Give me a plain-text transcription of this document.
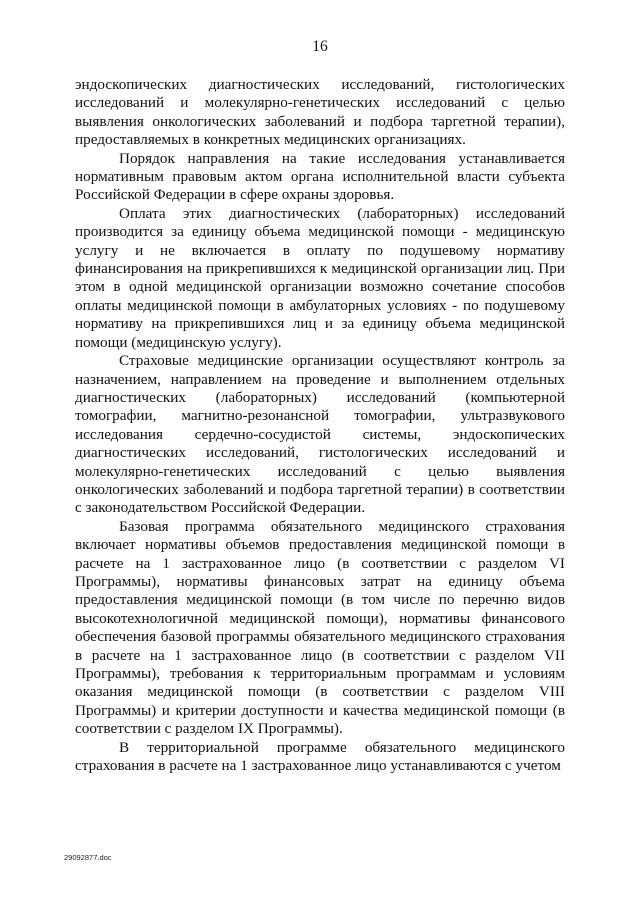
16

эндоскопических диагностических исследований, гистологических исследований и молекулярно-генетических исследований с целью выявления онкологических заболеваний и подбора таргетной терапии), предоставляемых в конкретных медицинских организациях.

Порядок направления на такие исследования устанавливается нормативным правовым актом органа исполнительной власти субъекта Российской Федерации в сфере охраны здоровья.

Оплата этих диагностических (лабораторных) исследований производится за единицу объема медицинской помощи - медицинскую услугу и не включается в оплату по подушевому нормативу финансирования на прикрепившихся к медицинской организации лиц. При этом в одной медицинской организации возможно сочетание способов оплаты медицинской помощи в амбулаторных условиях - по подушевому нормативу на прикрепившихся лиц и за единицу объема медицинской помощи (медицинскую услугу).

Страховые медицинские организации осуществляют контроль за назначением, направлением на проведение и выполнением отдельных диагностических (лабораторных) исследований (компьютерной томографии, магнитно-резонансной томографии, ультразвукового исследования сердечно-сосудистой системы, эндоскопических диагностических исследований, гистологических исследований и молекулярно-генетических исследований с целью выявления онкологических заболеваний и подбора таргетной терапии) в соответствии с законодательством Российской Федерации.

Базовая программа обязательного медицинского страхования включает нормативы объемов предоставления медицинской помощи в расчете на 1 застрахованное лицо (в соответствии с разделом VI Программы), нормативы финансовых затрат на единицу объема предоставления медицинской помощи (в том числе по перечню видов высокотехнологичной медицинской помощи), нормативы финансового обеспечения базовой программы обязательного медицинского страхования в расчете на 1 застрахованное лицо (в соответствии с разделом VII Программы), требования к территориальным программам и условиям оказания медицинской помощи (в соответствии с разделом VIII Программы) и критерии доступности и качества медицинской помощи (в соответствии с разделом IX Программы).

В территориальной программе обязательного медицинского страхования в расчете на 1 застрахованное лицо устанавливаются с учетом

29092877.doc
